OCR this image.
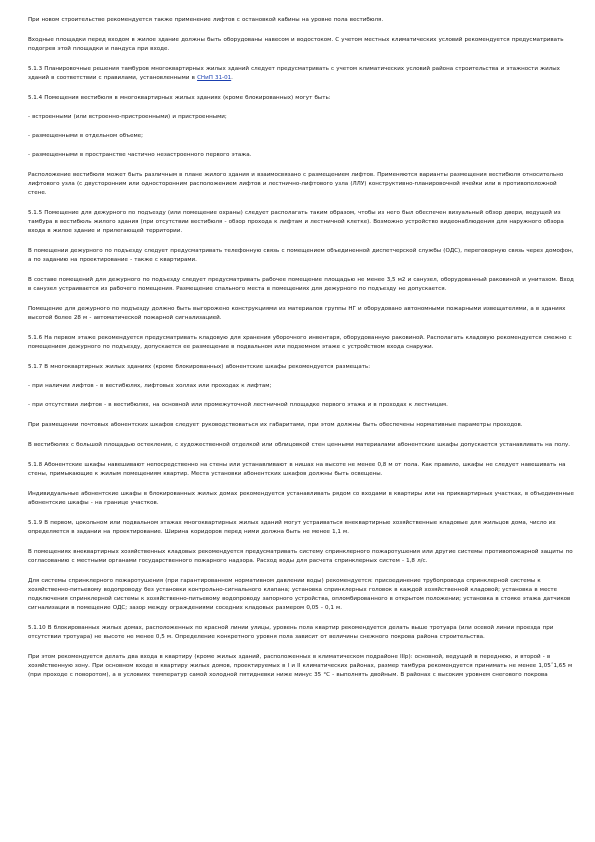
При новом строительстве рекомендуется также применение лифтов с остановкой кабины на уровне пола вестибюля.

Входные площадки перед входом в жилое здание должны быть оборудованы навесом и водостоком. С учетом местных климатических условий рекомендуется предусматривать подогрев этой площадки и пандуса при входе.

5.1.3 Планировочные решения тамбуров многоквартирных жилых зданий следует предусматривать с учетом климатических условий района строительства и этажности жилых зданий в соответствии с правилами, установленными в СНиП 31-01.

5.1.4 Помещения вестибюля в многоквартирных жилых зданиях (кроме блокированных) могут быть:

- встроенными (или встроенно-пристроенными) и пристроенными;

- размещенными в отдельном объеме;

- размещенными в пространстве частично незастроенного первого этажа.

Расположение вестибюля может быть различным в плане жилого здания и взаимосвязано с размещением лифтов. Применяются варианты размещения вестибюля относительно лифтового узла (с двусторонним или односторонним расположением лифтов и лестнично-лифтового узла (ЛЛУ) конструктивно-планировочной ячейки или в противоположной стене.

5.1.5 Помещение для дежурного по подъезду (или помещение охраны) следует располагать таким образом, чтобы из него был обеспечен визуальный обзор двери, ведущей из тамбура в вестибюль жилого здания (при отсутствии вестибюля - обзор прохода к лифтам и лестничной клетке). Возможно устройство видеонаблюдения для наружного обзора входа в жилое здание и прилегающей территории.

В помещении дежурного по подъезду следует предусматривать телефонную связь с помещением объединенной диспетчерской службы (ОДС), переговорную связь через домофон, а по заданию на проектирование - также с квартирами.

В составе помещений для дежурного по подъезду следует предусматривать рабочее помещение площадью не менее 3,5 м2 и санузел, оборудованный раковиной и унитазом. Вход в санузел устраивается из рабочего помещения. Размещение спального места в помещениях для дежурного по подъезду не допускается.

Помещение для дежурного по подъезду должно быть выгорожено конструкциями из материалов группы НГ и оборудовано автономными пожарными извещателями, а в зданиях высотой более 28 м - автоматической пожарной сигнализацией.

5.1.6 На первом этаже рекомендуется предусматривать кладовую для хранения уборочного инвентаря, оборудованную раковиной. Располагать кладовую рекомендуется смежно с помещением дежурного по подъезду, допускается ее размещение в подвальном или подземном этаже с устройством входа снаружи.

5.1.7 В многоквартирных жилых зданиях (кроме блокированных) абонентские шкафы рекомендуется размещать:

- при наличии лифтов - в вестибюлях, лифтовых холлах или проходах к лифтам;

- при отсутствии лифтов - в вестибюлях, на основной или промежуточной лестничной площадке первого этажа и в проходах к лестницам.

При размещении почтовых абонентских шкафов следует руководствоваться их габаритами, при этом должны быть обеспечены нормативные параметры проходов.

В вестибюлях с большой площадью остекления, с художественной отделкой или облицовкой стен ценными материалами абонентские шкафы допускается устанавливать на полу.

5.1.8 Абонентские шкафы навешивают непосредственно на стены или устанавливают в нишах на высоте не менее 0,8 м от пола. Как правило, шкафы не следует навешивать на стены, примыкающие к жилым помещениям квартир. Места установки абонентских шкафов должны быть освещены.

Индивидуальные абонентские шкафы в блокированных жилых домах рекомендуется устанавливать рядом со входами в квартиры или на приквартирных участках, в объединенные абонентские шкафы - на границе участков.

5.1.9 В первом, цокольном или подвальном этажах многоквартирных жилых зданий могут устраиваться внеквартирные хозяйственные кладовые для жильцов дома, число их определяется в задании на проектирование. Ширина коридоров перед ними должна быть не менее 1,1 м.

В помещениях внеквартирных хозяйственных кладовых рекомендуется предусматривать систему спринклерного пожаротушения или другие системы противопожарной защиты по согласованию с местными органами государственного пожарного надзора. Расход воды для расчета спринклерных систем - 1,8 л/с.

Для системы спринклерного пожаротушения (при гарантированном нормативном давлении воды) рекомендуется: присоединение трубопровода спринклерной системы к хозяйственно-питьевому водопроводу без установки контрольно-сигнального клапана; установка спринклерных головок в каждой хозяйственной кладовой; установка в месте подключения спринклерной системы к хозяйственно-питьевому водопроводу запорного устройства, опломбированного в открытом положении; установка в стояке этажа датчиков сигнализации в помещение ОДС; зазор между ограждениями соседних кладовых размером 0,05 - 0,1 м.

5.1.10 В блокированных жилых домах, расположенных по красной линии улицы, уровень пола квартир рекомендуется делать выше тротуара (или осевой линии проезда при отсутствии тротуара) не высоте не менее 0,5 м. Определение конкретного уровня пола зависит от величины снежного покрова района строительства.

При этом рекомендуется делать два входа в квартиру (кроме жилых зданий, расположенных в климатическом подрайоне IIIр): основной, ведущий в переднюю, и второй - в хозяйственную зону. При основном входе в квартиру жилых домов, проектируемых в I и II климатических районах, размер тамбура рекомендуется принимать не менее 1,05ˆ1,65 м (при проходе с поворотом), а в условиях температур самой холодной пятидневки ниже минус 35 °С - выполнять двойным. В районах с высоким уровнем снегового покрова
